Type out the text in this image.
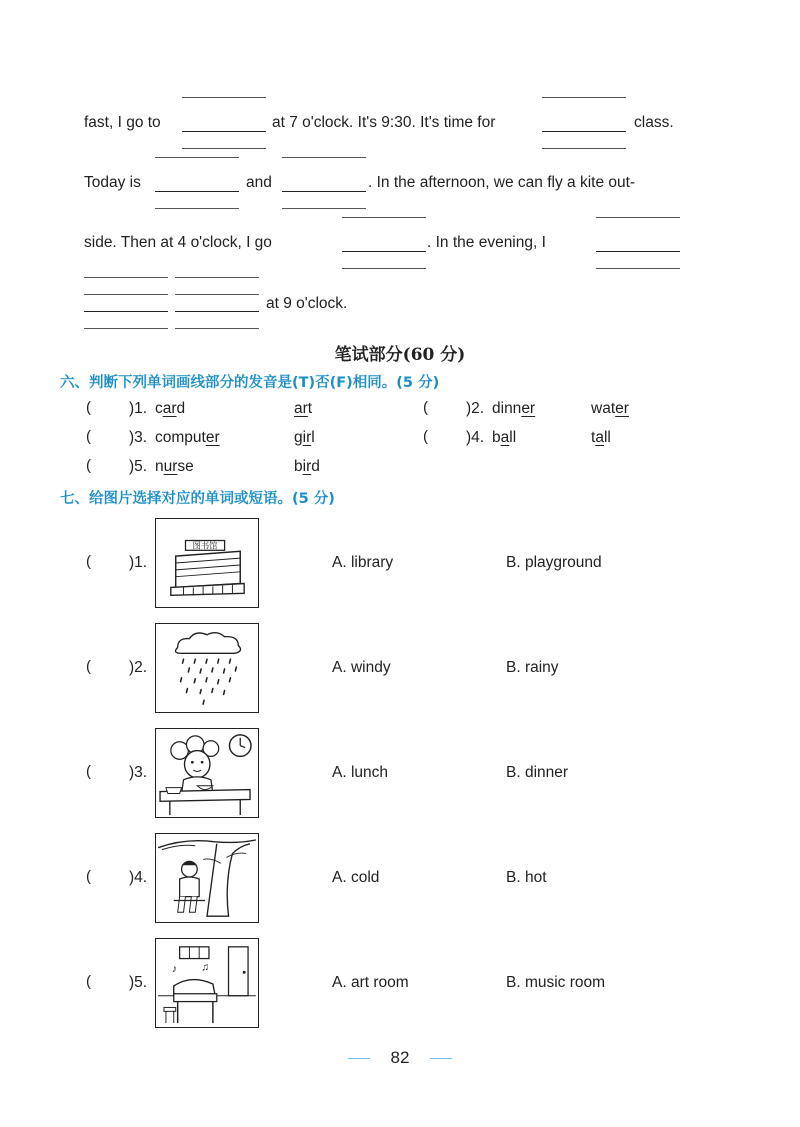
fast, I go to	at 7 o'clock. It's 9:30. It's time for	class.
Today is	and	. In the afternoon, we can fly a kite out-
side. Then at 4 o'clock, I go	. In the evening, I
at 9 o'clock.
笔试部分(60 分)
六、判断下列单词画线部分的发音是(T)否(F)相同。(5 分)
( )1. card	art	( )2. dinner	water
( )3. computer	girl	( )4. ball	tall
( )5. nurse	bird
七、给图片选择对应的单词或短语。(5 分)
( )1.
图书馆
A. library	B. playground
( )2.	A. windy	B. rainy
( )3.	A. lunch	B. dinner
( )4.	A. cold	B. hot
( )5.
♪ ♫
A. art room	B. music room
82
